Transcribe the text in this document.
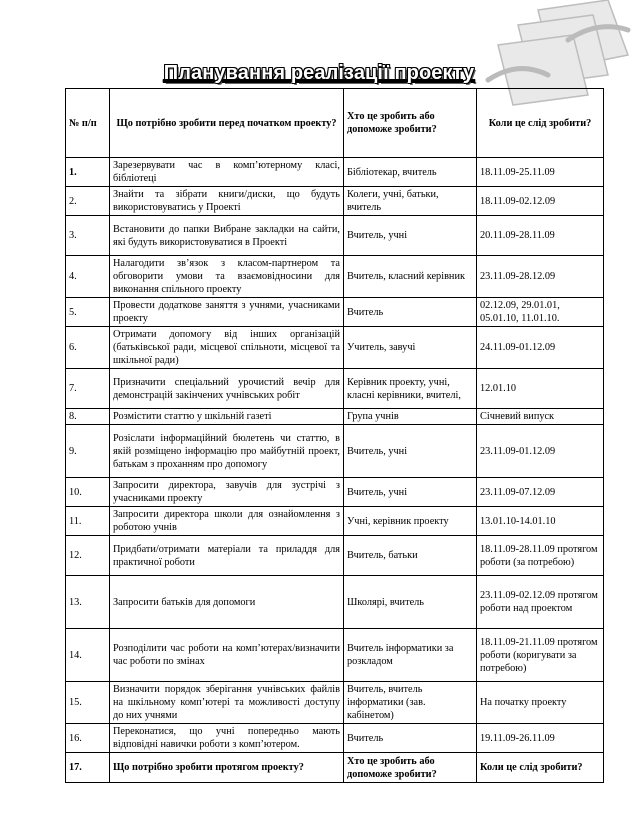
Планування реалізації проекту
№ п/п	Що потрібно зробити перед початком проекту?	Хто це зробить або допоможе зробити?	Коли це слід зробити?
1.	Зарезервувати час в комп’ютерному класі, бібліотеці	Бібліотекар, вчитель	18.11.09-25.11.09
2.	Знайти та зібрати книги/диски, що будуть використовуватись у Проекті	Колеги, учні, батьки, вчитель	18.11.09-02.12.09
3.	Встановити до папки Вибране закладки на сайти, які будуть використовуватися в Проекті	Вчитель, учні	20.11.09-28.11.09
4.	Налагодити зв’язок з класом-партнером та обговорити умови та взаємовідносини для виконання спільного проекту	Вчитель, класний керівник	23.11.09-28.12.09
5.	Провести додаткове заняття з учнями, учасниками проекту	Вчитель	02.12.09, 29.01.01, 05.01.10, 11.01.10.
6.	Отримати допомогу від інших організацій (батьківської ради, місцевої спільноти, місцевої та шкільної ради)	Учитель, завучі	24.11.09-01.12.09
7.	Призначити спеціальний урочистий вечір для демонстрацій закінчених учнівських робіт	Керівник проекту, учні, класні керівники, вчителі,	12.01.10
8.	Розмістити статтю у шкільній газеті	Група учнів	Січневий випуск
9.	Розіслати інформаційний бюлетень чи статтю, в якій розміщено інформацію про майбутній проект, батькам з проханням про допомогу	Вчитель, учні	23.11.09-01.12.09
10.	Запросити директора, завучів для зустрічі з учасниками проекту	Вчитель, учні	23.11.09-07.12.09
11.	Запросити директора школи для ознайомлення з роботою учнів	Учні, керівник проекту	13.01.10-14.01.10
12.	Придбати/отримати матеріали та приладдя для практичної роботи	Вчитель, батьки	18.11.09-28.11.09 протягом роботи (за потребою)
13.	Запросити батьків для допомоги	Школярі, вчитель	23.11.09-02.12.09 протягом роботи над проектом
14.	Розподілити час роботи на комп’ютерах/визначити час роботи по змінах	Вчитель інформатики за розкладом	18.11.09-21.11.09 протягом роботи (коригувати за потребою)
15.	Визначити порядок зберігання учнівських файлів на шкільному комп’ютері та можливості доступу до них учнями	Вчитель, вчитель інформатики (зав. кабінетом)	На початку проекту
16.	Переконатися, що учні попередньо мають відповідні навички роботи з комп’ютером.	Вчитель	19.11.09-26.11.09
17.	Що потрібно зробити протягом проекту?	Хто це зробить або допоможе зробити?	Коли це слід зробити?
